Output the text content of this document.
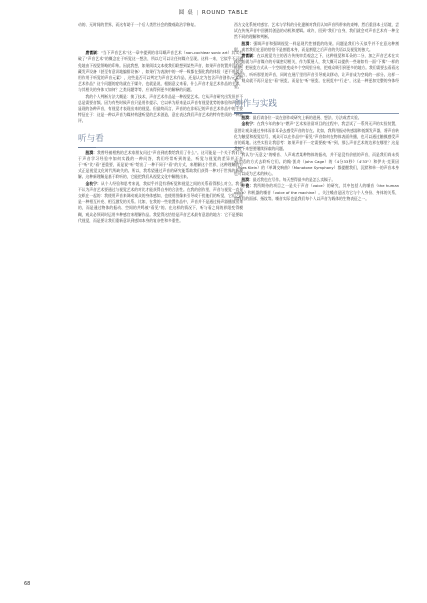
圆 桌 | ROUND TABLE

动的、无时间的世界，而这有助于一个后人类世社会的微观政治学修复。

唐耆颖：“当下声音艺术”这一章中提到的非耳蜗声音艺术（non-cochlear sonic art）其实打破了“声音艺术”的概念在于听觉这一想法，所以它可以让任何媒介呈现。这样一来，它似乎不可避免地由下视觉领略的印象。因此我想，如果阅读文本使我们联想到某些声音，如果声音装置并没有隐藏发声设备（甚至有意识地编排设备），如果行为表演中的一呼一吸都在强化我的体验（更不用提采用作用于听觉的声音元素），这些是否可以判定为声音艺术作品，还是认定为包含声音创作/元素的艺术作品？这个问题的症结就在于媒介，也就是说，根据意义来看，什么声音才是艺术作品的主体，与其相关的身体又如何？之类问题等等，应该得到更多的解释的问题。

我的个人判断方法大概是：换了技术，声音艺术作品是一种视觉艺术。它从声音研究出发但并不总是需要音频。因为有些时候声音只是用作提示，它以单为原来是以声音有视觉优势的体验和声音而显现的各种声音，有视觉才表现出来的视觉。但最终而言，声音的在非标记的声音艺术作品中的主要特征在于：这是一种以声音为媒材构建听觉的艺术创造，意在表达我们声音艺术的特有性质的一种批评。

听与看

殷漪：我曾经被相熟的艺术家朋友问过“声音到底教给我们了什么”。这可能是一个关于我们关于声音学习经验中如何实践的一种问答，我们经常听到的是，听觉与视觉的差异并不在于“听”比“看”更重要，而是说“听”给出了一种不同于“看”的方式，来理解这个世界，这种理解的方式正是视觉文化时代所缺失的。所以，我希望通过声音的研究能帮助我们获得一种对于世界的新理解。这种新理解是基于聆听的，它能把我们从视觉文化中解脱出来。

金枝宁：从个人经验和思考来说，我似乎并没有将听觉和视觉之间的关系看得那么对立。我也不认为声音艺术要通过与视觉艺术的对比才能获得自身的合法性。在我的创作里，声音与视觉一直是交织在一起的：我使用声音来调动观众的身体感知，也使用图像来引导或干扰他们的听觉，它们之间是一种相互补充、相互激发的关系。比如，在我的一些装置作品中，声音并不是通过扬声器播放出来的，而是通过物体的振动、空间的共鸣被“看见”的。在这样的情况下，听与看之间的界限变得模糊，观众必须同时运用多种感官来理解作品。我觉得这恰恰是声音艺术最有意思的地方：它不是要取代视觉，而是要让我们重新意识到感知本身的复杂性和多重性。

西方文化系统对感官、艺术与学科的分化建制对我们认知声音所带来的束缚，然后重回本土语境，尝试在传统声音中回溯其创造的动机和逻辑。或许，回到“我们”自身，我们就会对声音艺术有一种全然不同的理解和判断。

殷漪：强调声音和强调视觉一样是现代性割裂的结果。问题是我们今天似乎并不在意这种割裂。或者我们在意的恰恰不是割裂本身，而是割裂之后声音的失语以及视觉的独大。

唐耆颖：在以视觉为主的西方传统审美观念之下，这种视觉和耳朵的二分，加之声音艺术在实践初始就与声音媒介的专属密切相关，作为策展人，我大概可以提供一些诸如有一面“下雾”一样的办法，把展览方式从一个空间里变成多个空间里分布，把观众吸引到更多的地方。我们需要去看看这些地方，听听那里的声音，同时在展厅里用声音引导观众移动，让声音成为空间的一部分。这样一来，观众就不再只是在“看”展览，而是在“听”展览、在展览中“行走”，这是一种更加完整的身体经验。

创作与实践

殷漪：最后请各位一谈在创作或研究上新的进展、想法、方法或者实验。

金枝宁：在我今年的参与“燃声”艺术家驻留项目的过程中，我尝试了一系列无声的实验装置，意图让观众通过身体而非耳朵去感受声音的存在。比如，我利用振动传感器和低频发声器，将声音转化为触觉和视觉信号，观众可以在作品中“看见”声音如何在物体表面传播，也可以通过触摸感受声音的质地。这些实验让我思考：如果声音不一定需要被“听”到，那么声音艺术的边界在哪里？这是我接下来想要继续探索的问题。

我认为“无意义”的噪音、人声或者某种物体的振动，并不是没有价值的声音，而是我们尚未找到合适的方式去聆听它们。约翰·凯奇（John Cage）的《4分33秒》（4'33"）和伊夫·克莱因（Yves Klein）的《单调交响曲》（Monotone Symphony）都提醒我们，沉默和单一的声音本身也可以成为艺术的核心。

殷漪：最近我也在写作。每天想得最多的是怎么卖稿子。

叶瓷：我所期待的项目之一是关于声音（voice）的研究，其中包括人的嗓音（the human voice）和机器的嗓音（voice of the machine）。关注嗓音是因为它与个人身份、身体的关系，如我们的面部、指纹等。嗓音实际也是我们每个人以声音为载体的生物表征之一。

68
